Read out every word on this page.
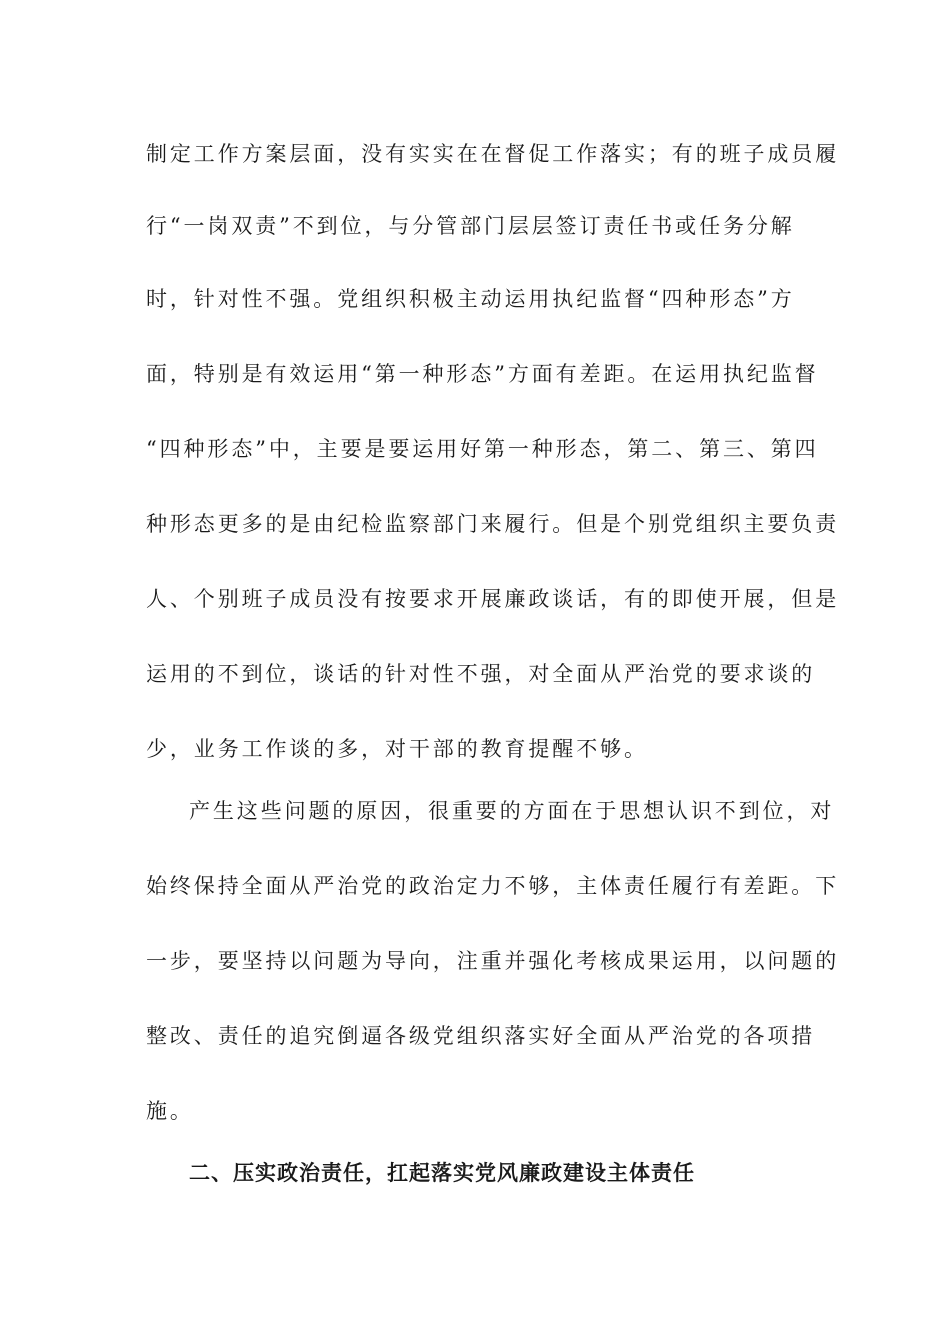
制定工作方案层面，没有实实在在督促工作落实；有的班子成员履
行“一岗双责”不到位，与分管部门层层签订责任书或任务分解
时，针对性不强。党组织积极主动运用执纪监督“四种形态”方
面，特别是有效运用“第一种形态”方面有差距。在运用执纪监督
“四种形态”中，主要是要运用好第一种形态，第二、第三、第四
种形态更多的是由纪检监察部门来履行。但是个别党组织主要负责
人、个别班子成员没有按要求开展廉政谈话，有的即使开展，但是
运用的不到位，谈话的针对性不强，对全面从严治党的要求谈的
少，业务工作谈的多，对干部的教育提醒不够。
产生这些问题的原因，很重要的方面在于思想认识不到位，对
始终保持全面从严治党的政治定力不够，主体责任履行有差距。下
一步，要坚持以问题为导向，注重并强化考核成果运用，以问题的
整改、责任的追究倒逼各级党组织落实好全面从严治党的各项措
施。
二、压实政治责任，扛起落实党风廉政建设主体责任
